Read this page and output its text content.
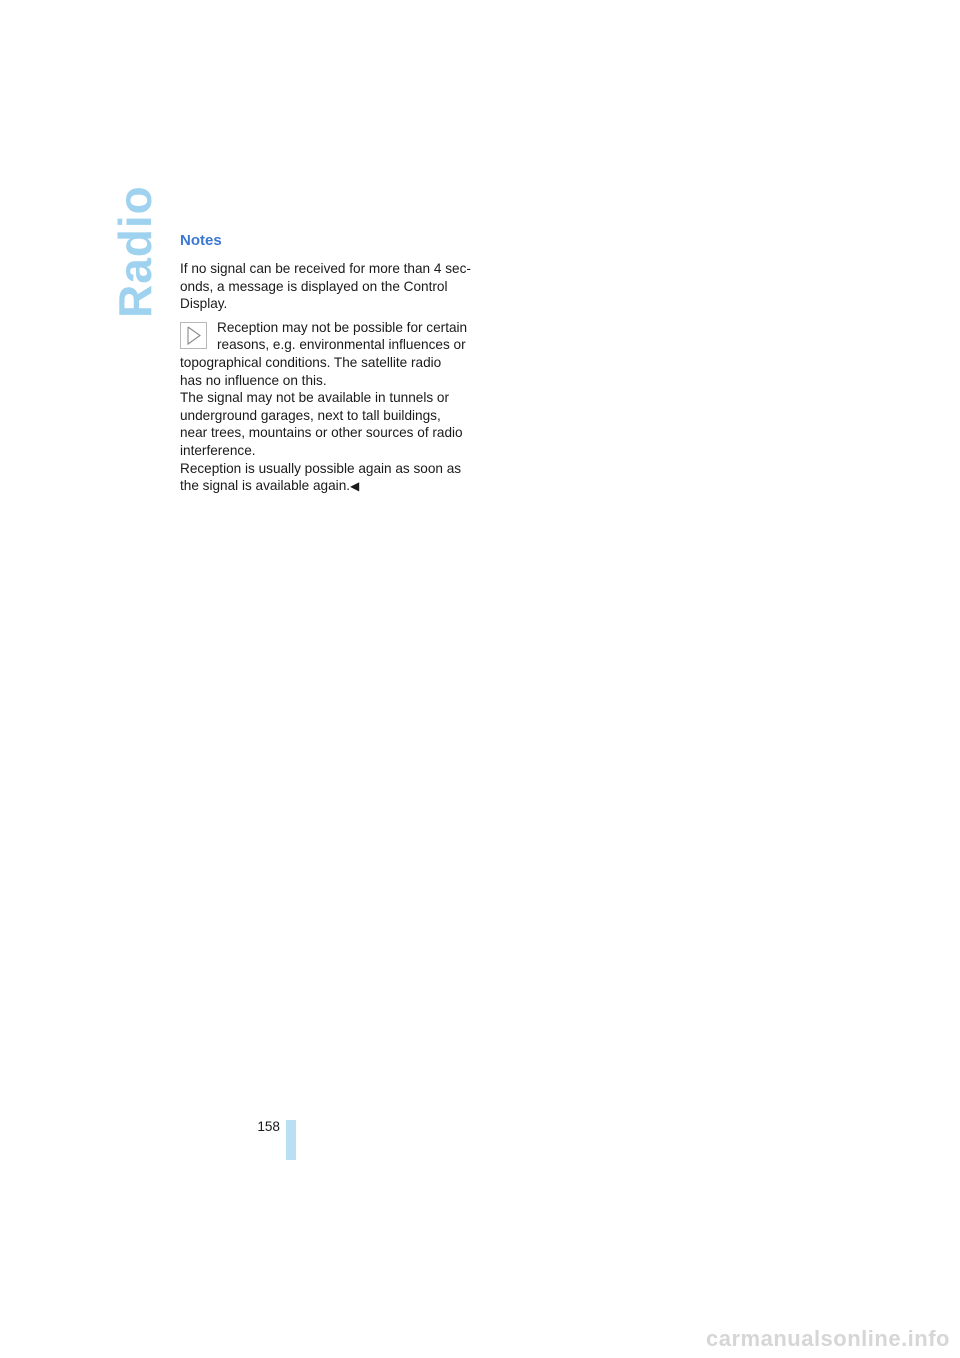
Radio Notes

If no signal can be received for more than 4 sec-
onds, a message is displayed on the Control
Display.

Reception may not be possible for certain
reasons, e.g. environmental influences or

topographical conditions. The satellite radio
has no influence on this.
The signal may not be available in tunnels or
underground garages, next to tall buildings,
near trees, mountains or other sources of radio
interference.
Reception is usually possible again as soon as
the signal is available again.◀

158
carmanualsonline.info
